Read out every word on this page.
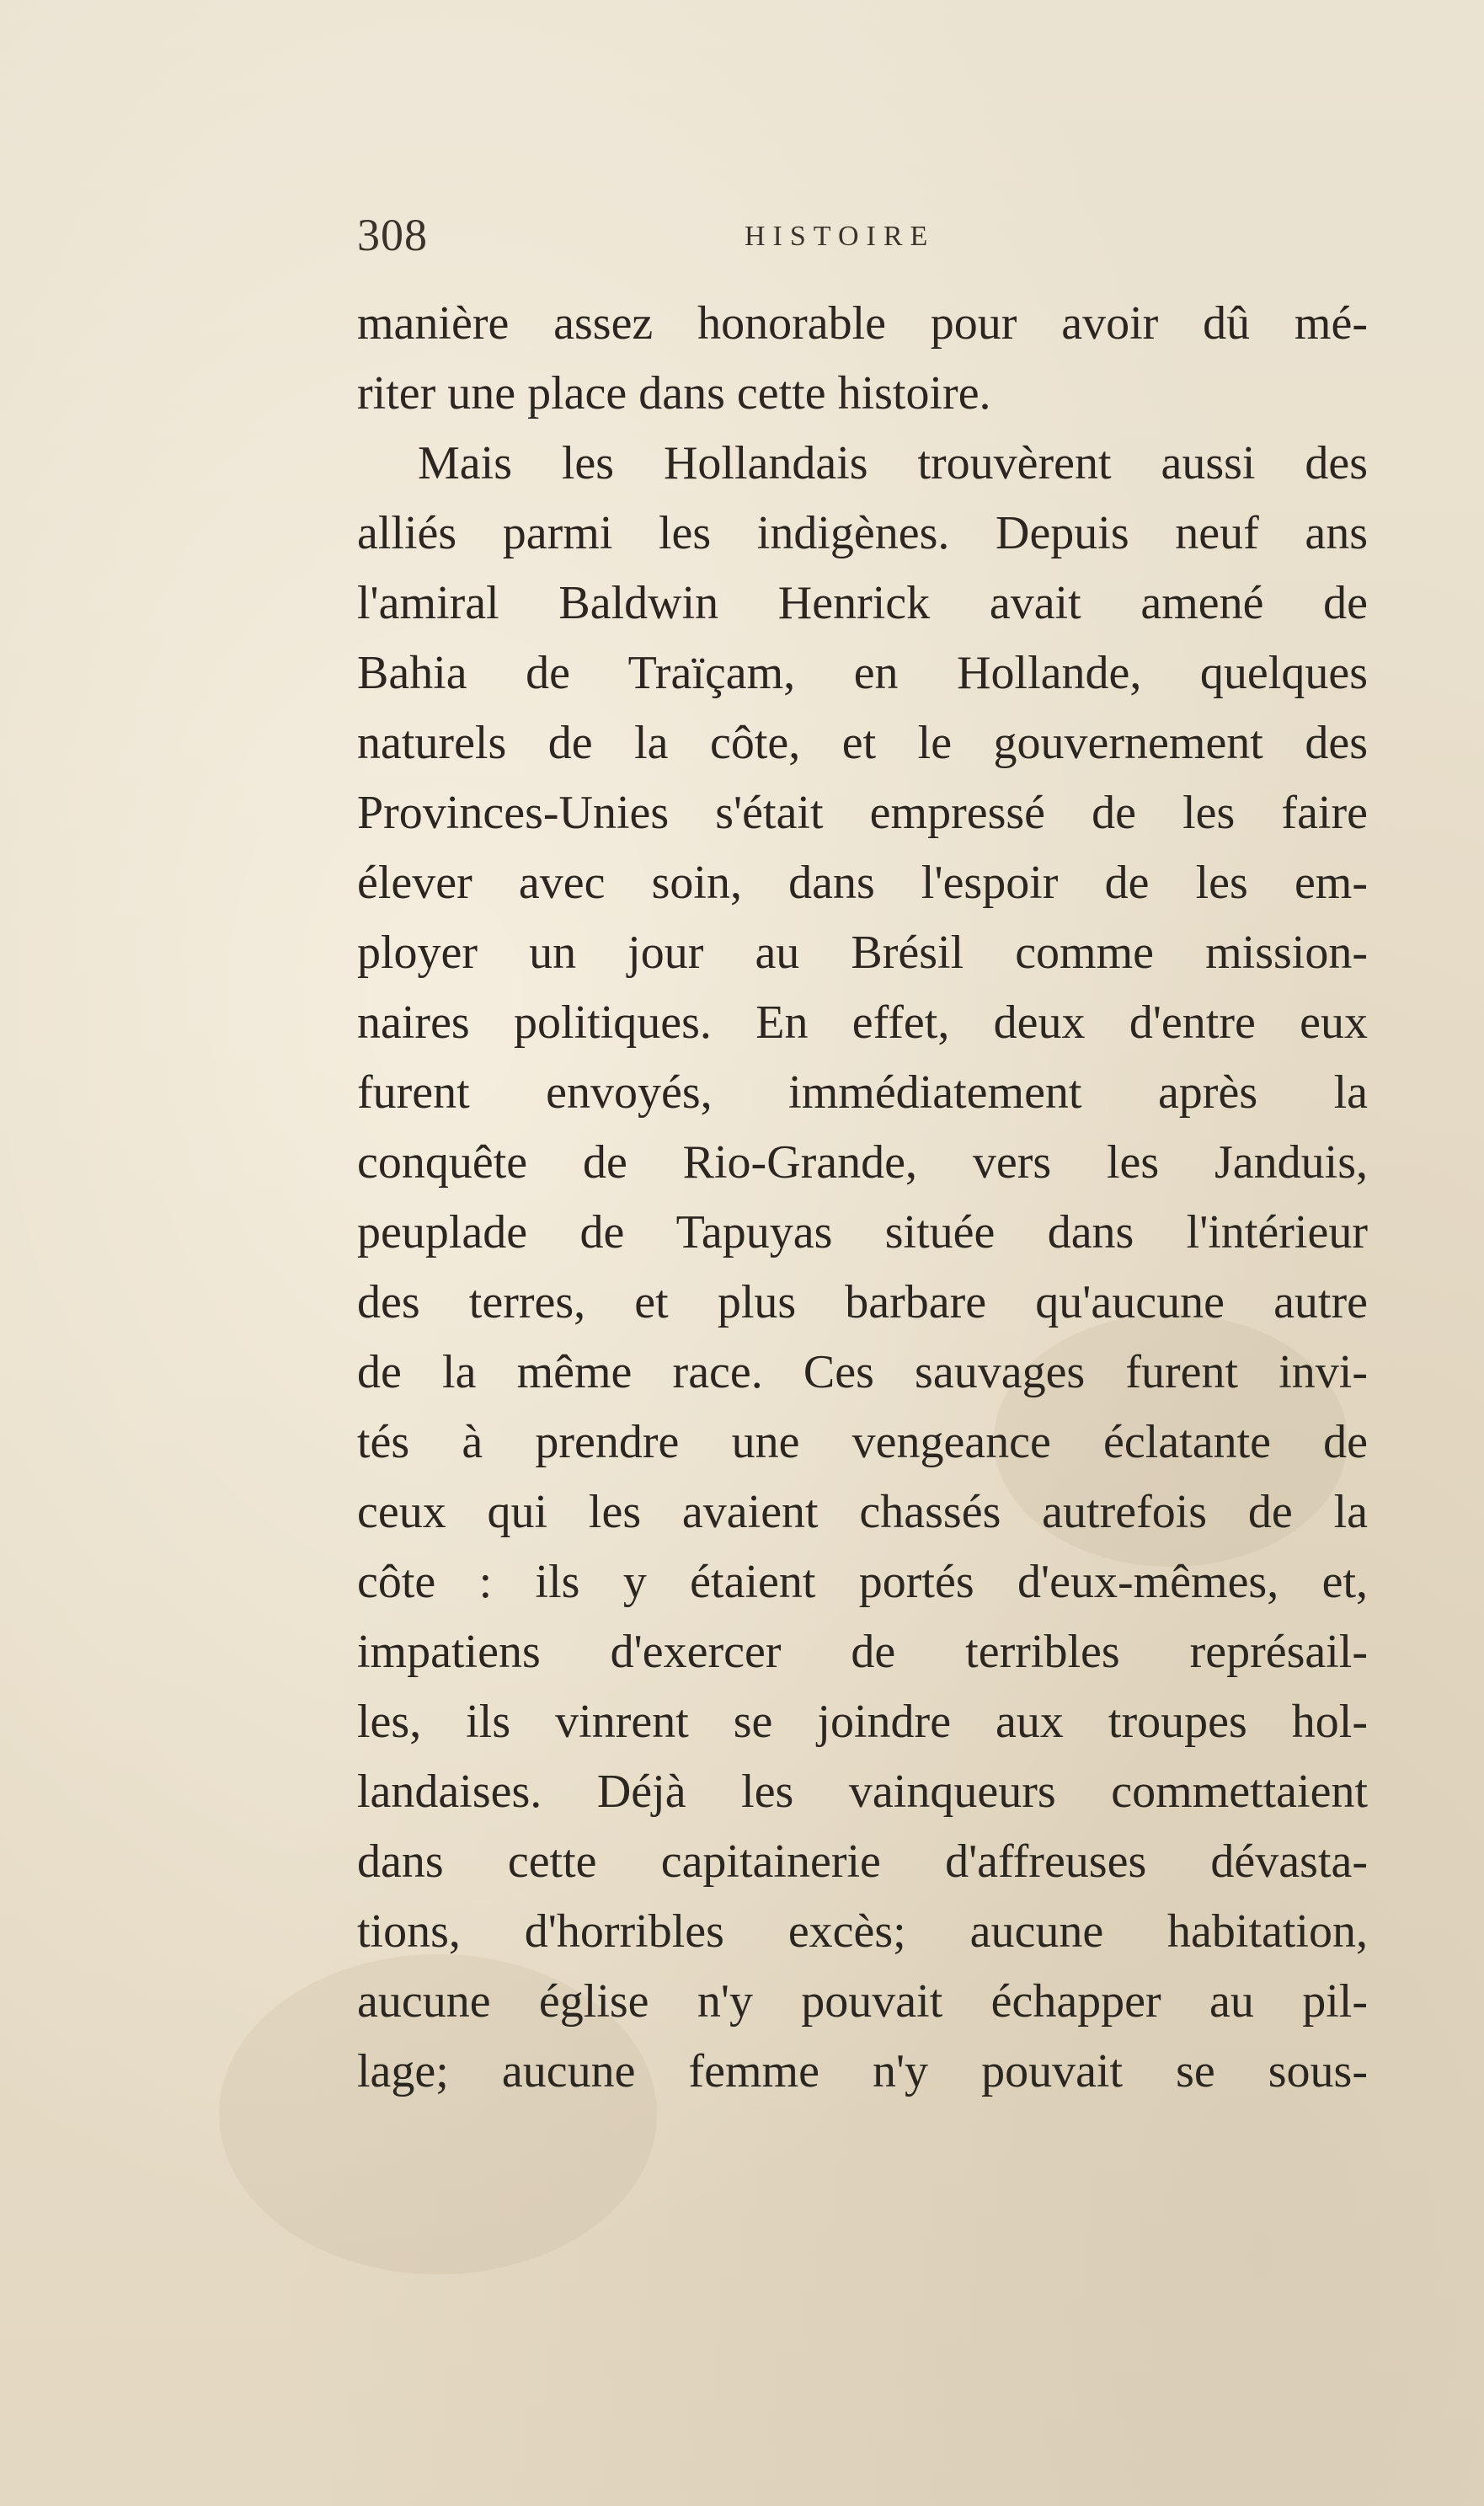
308	HISTOIRE
manière assez honorable pour avoir dû mé-
riter une place dans cette histoire.
Mais les Hollandais trouvèrent aussi des
alliés parmi les indigènes. Depuis neuf ans
l'amiral Baldwin Henrick avait amené de
Bahia de Traïçam, en Hollande, quelques
naturels de la côte, et le gouvernement des
Provinces-Unies s'était empressé de les faire
élever avec soin, dans l'espoir de les em-
ployer un jour au Brésil comme mission-
naires politiques. En effet, deux d'entre eux
furent envoyés, immédiatement après la
conquête de Rio-Grande, vers les Janduis,
peuplade de Tapuyas située dans l'intérieur
des terres, et plus barbare qu'aucune autre
de la même race. Ces sauvages furent invi-
tés à prendre une vengeance éclatante de
ceux qui les avaient chassés autrefois de la
côte : ils y étaient portés d'eux-mêmes, et,
impatiens d'exercer de terribles représail-
les, ils vinrent se joindre aux troupes hol-
landaises. Déjà les vainqueurs commettaient
dans cette capitainerie d'affreuses dévasta-
tions, d'horribles excès; aucune habitation,
aucune église n'y pouvait échapper au pil-
lage; aucune femme n'y pouvait se sous-
